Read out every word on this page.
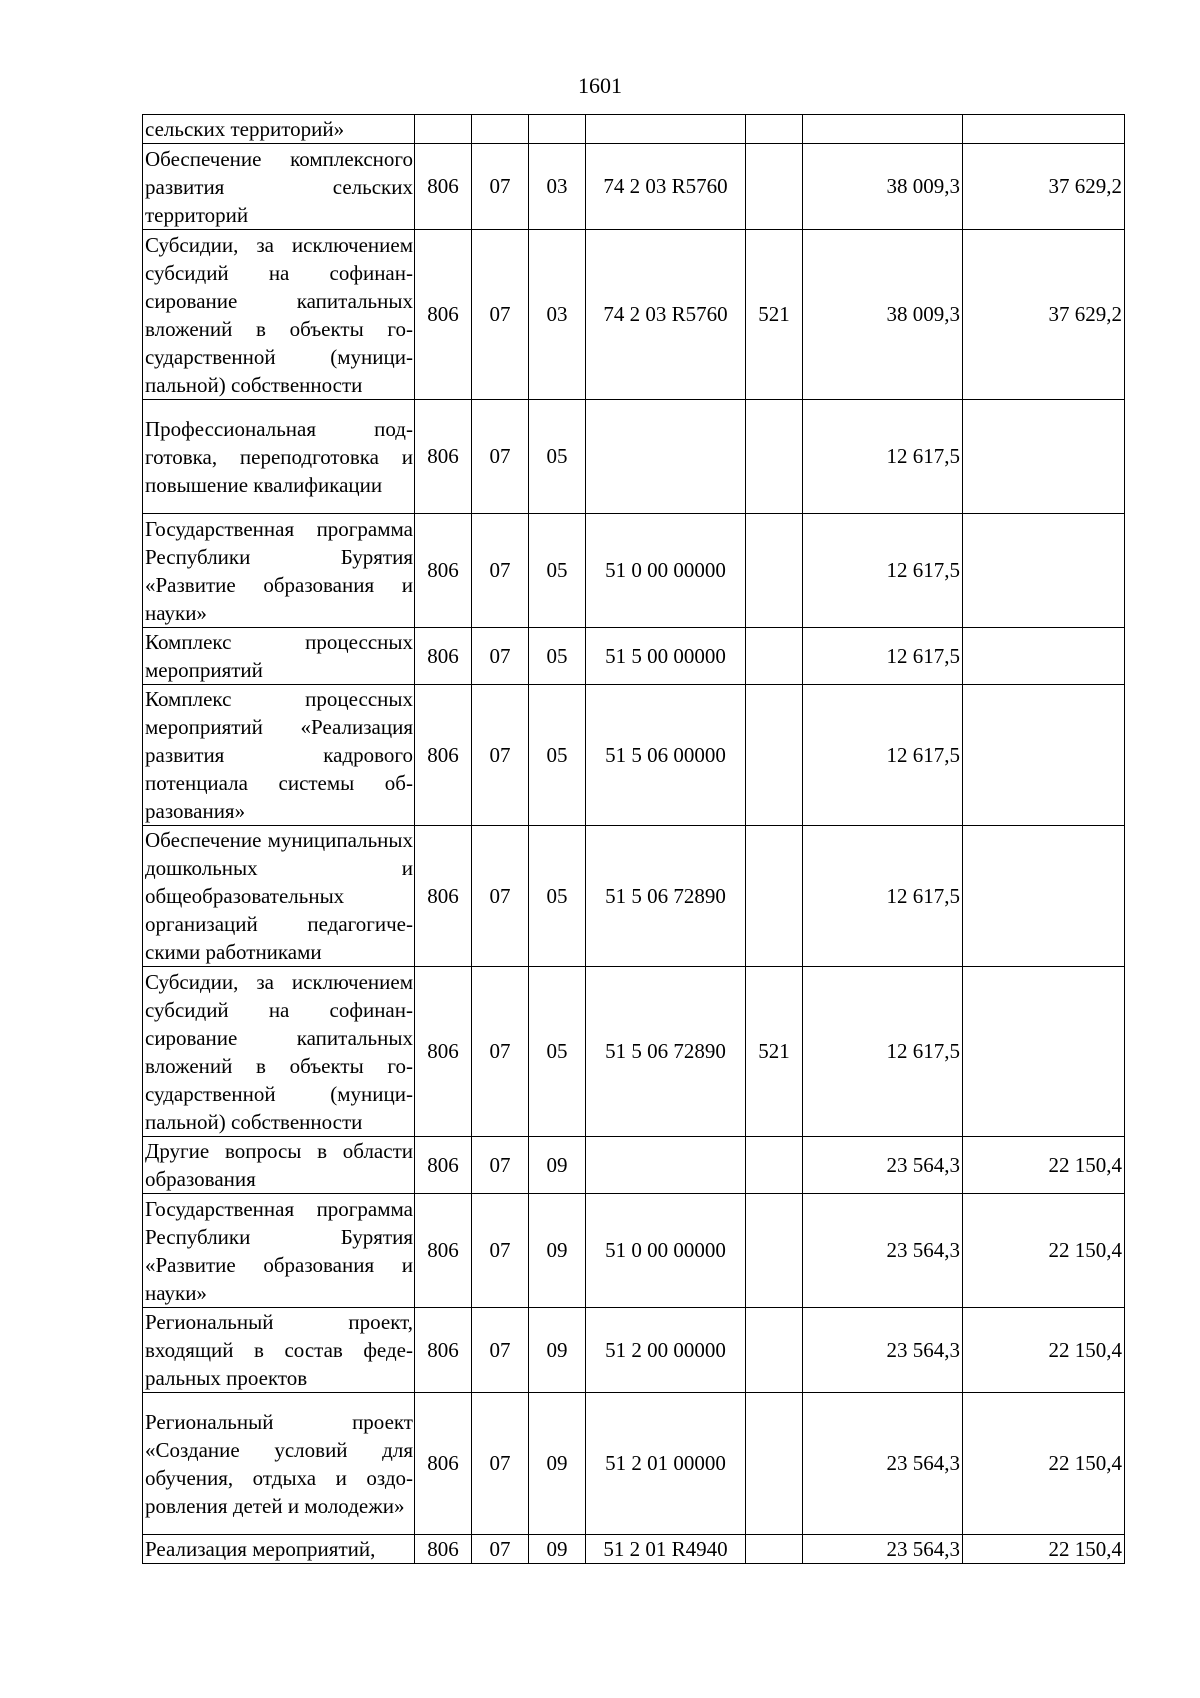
1601
сельских территорий»							
Обеспечение комплексного развития сельских территорий	806	07	03	74 2 03 R5760		38 009,3	37 629,2
Субсидии, за исключением субсидий на софинансирование капитальных вложений в объекты государственной (муниципальной) собственности	806	07	03	74 2 03 R5760	521	38 009,3	37 629,2
Профессиональная подготовка, переподготовка и повышение квалификации	806	07	05			12 617,5	
Государственная программа Республики Бурятия «Развитие образования и науки»	806	07	05	51 0 00 00000		12 617,5	
Комплекс процессных мероприятий	806	07	05	51 5 00 00000		12 617,5	
Комплекс процессных мероприятий «Реализация развития кадрового потенциала системы образования»	806	07	05	51 5 06 00000		12 617,5	
Обеспечение муниципальных дошкольных и общеобразовательных организаций педагогическими работниками	806	07	05	51 5 06 72890		12 617,5	
Субсидии, за исключением субсидий на софинансирование капитальных вложений в объекты государственной (муниципальной) собственности	806	07	05	51 5 06 72890	521	12 617,5	
Другие вопросы в области образования	806	07	09			23 564,3	22 150,4
Государственная программа Республики Бурятия «Развитие образования и науки»	806	07	09	51 0 00 00000		23 564,3	22 150,4
Региональный проект, входящий в состав федеральных проектов	806	07	09	51 2 00 00000		23 564,3	22 150,4
Региональный проект «Создание условий для обучения, отдыха и оздоровления детей и молодежи»	806	07	09	51 2 01 00000		23 564,3	22 150,4
Реализация мероприятий,	806	07	09	51 2 01 R4940		23 564,3	22 150,4
